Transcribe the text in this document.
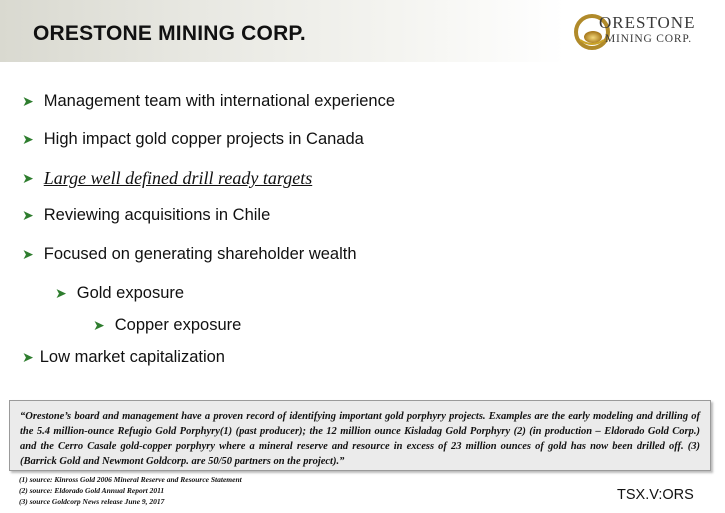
ORESTONE MINING CORP.	ORESTONE
MINING CORP.
➤ Management team with international experience
➤ High impact gold copper projects in Canada
➤ Large well defined drill ready targets
➤ Reviewing acquisitions in Chile
➤ Focused on generating shareholder wealth
➤ Gold exposure
➤ Copper exposure
➤ Low market capitalization
“Orestone’s board and management have a proven record of identifying important gold porphyry projects. Examples are the early modeling and drilling of the 5.4 million-ounce Refugio Gold Porphyry(1) (past producer); the 12 million ounce Kisladag Gold Porphyry (2) (in production – Eldorado Gold Corp.) and the Cerro Casale gold-copper porphyry where a mineral reserve and resource in excess of 23 million ounces of gold has now been drilled off. (3) (Barrick Gold and Newmont Goldcorp. are 50/50 partners on the project).”
(1) source: Kinross Gold 2006 Mineral Reserve and Resource Statement
(2) source: Eldorado Gold Annual Report 2011
(3) source Goldcorp News release June 9, 2017	TSX.V:ORS
